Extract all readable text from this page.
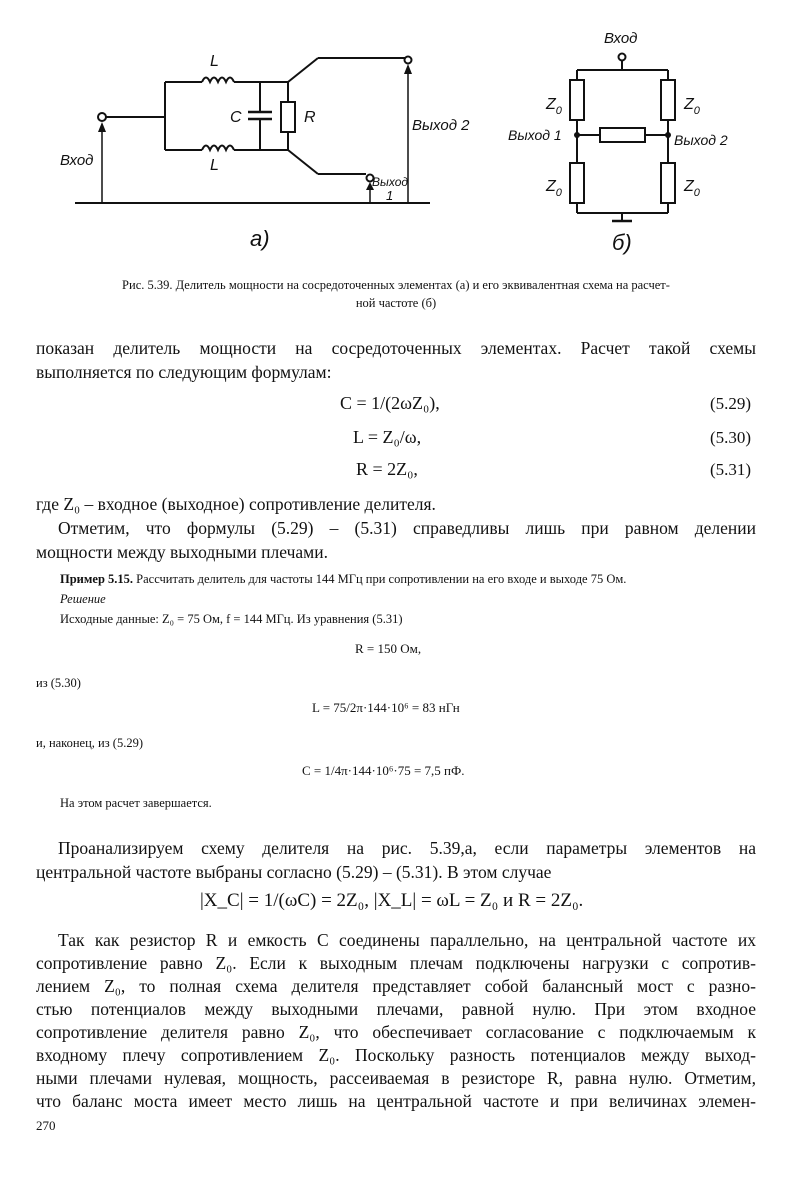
L
L
C	R
Вход
Выход 2
Выход
1
а)
Вход
$Z_0$	$Z_0$
$Z_0$	$Z_0$
Выход 1	Выход 2
б)
Рис. 5.39. Делитель мощности на сосредоточенных элементах (а) и его эквивалентная схема на расчет-
ной частоте (б)
показан делитель мощности на сосредоточенных элементах. Расчет такой схемы
выполняется по следующим формулам:
C = 1/(2ωZ₀),	(5.29)
L = Z₀/ω,	(5.30)
R = 2Z₀,	(5.31)
где Z₀ – входное (выходное) сопротивление делителя.
Отметим, что формулы (5.29) – (5.31) справедливы лишь при равном делении
мощности между выходными плечами.
Пример 5.15. Рассчитать делитель для частоты 144 МГц при сопротивлении на его входе и выходе 75 Ом.
Решение
Исходные данные: Z₀ = 75 Ом, f = 144 МГц. Из уравнения (5.31)
R = 150 Ом,
из (5.30)
L = 75/2π·144·10⁶ = 83 нГн
и, наконец, из (5.29)
C = 1/4π·144·10⁶·75 = 7,5 пФ.
На этом расчет завершается.
Проанализируем схему делителя на рис. 5.39,а, если параметры элементов на
центральной частоте выбраны согласно (5.29) – (5.31). В этом случае
|X_C| = 1/(ωC) = 2Z₀, |X_L| = ωL = Z₀ и R = 2Z₀.
Так как резистор R и емкость C соединены параллельно, на центральной частоте их
сопротивление равно Z₀. Если к выходным плечам подключены нагрузки с сопротив-
лением Z₀, то полная схема делителя представляет собой балансный мост с разно-
стью потенциалов между выходными плечами, равной нулю. При этом входное
сопротивление делителя равно Z₀, что обеспечивает согласование с подключаемым к
входному плечу сопротивлением Z₀. Поскольку разность потенциалов между выход-
ными плечами нулевая, мощность, рассеиваемая в резисторе R, равна нулю. Отметим,
что баланс моста имеет место лишь на центральной частоте и при величинах элемен-
270
